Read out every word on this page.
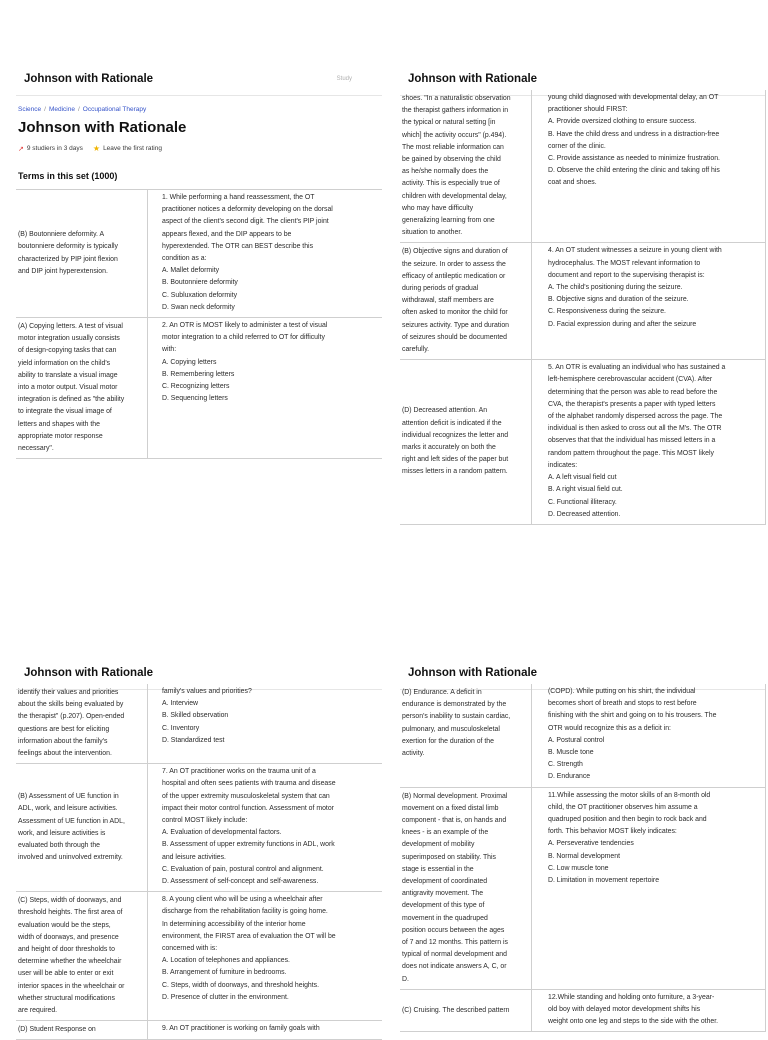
Johnson with Rationale	Study
Science / Medicine / Occupational Therapy
Johnson with Rationale
↗ 9 studiers in 3 days ★ Leave the first rating
Terms in this set (1000)
(B) Boutonniere deformity. A
boutonniere deformity is typically
characterized by PIP joint flexion
and DIP joint hyperextension.
1. While performing a hand reassessment, the OT
practitioner notices a deformity developing on the dorsal
aspect of the client's second digit. The client's PIP joint
appears flexed, and the DIP appears to be
hyperextended. The OTR can BEST describe this
condition as a:
A. Mallet deformity
B. Boutonniere deformity
C. Subluxation deformity
D. Swan neck deformity
(A) Copying letters. A test of visual
motor integration usually consists
of design-copying tasks that can
yield information on the child's
ability to translate a visual image
into a motor output. Visual motor
integration is defined as "the ability
to integrate the visual image of
letters and shapes with the
appropriate motor response
necessary".
2. An OTR is MOST likely to administer a test of visual
motor integration to a child referred to OT for difficulty
with:
A. Copying letters
B. Remembering letters
C. Recognizing letters
D. Sequencing letters
Johnson with Rationale
shoes. "In a naturalistic observation
the therapist gathers information in
the typical or natural setting [in
which] the activity occurs" (p.494).
The most reliable information can
be gained by observing the child
as he/she normally does the
activity. This is especially true of
children with developmental delay,
who may have difficulty
generalizing learning from one
situation to another.
young child diagnosed with developmental delay, an OT
practitioner should FIRST:
A. Provide oversized clothing to ensure success.
B. Have the child dress and undress in a distraction-free
corner of the clinic.
C. Provide assistance as needed to minimize frustration.
D. Observe the child entering the clinic and taking off his
coat and shoes.
(B) Objective signs and duration of
the seizure. In order to assess the
efficacy of antileptic medication or
during periods of gradual
withdrawal, staff members are
often asked to monitor the child for
seizures activity. Type and duration
of seizures should be documented
carefully.
4. An OT student witnesses a seizure in young client with
hydrocephalus. The MOST relevant information to
document and report to the supervising therapist is:
A. The child's positioning during the seizure.
B. Objective signs and duration of the seizure.
C. Responsiveness during the seizure.
D. Facial expression during and after the seizure
(D) Decreased attention. An
attention deficit is indicated if the
individual recognizes the letter and
marks it accurately on both the
right and left sides of the paper but
misses letters in a random pattern.
5. An OTR is evaluating an individual who has sustained a
left-hemisphere cerebrovascular accident (CVA). After
determining that the person was able to read before the
CVA, the therapist's presents a paper with typed letters
of the alphabet randomly dispersed across the page. The
individual is then asked to cross out all the M's. The OTR
observes that that the individual has missed letters in a
random pattern throughout the page. This MOST likely
indicates:
A. A left visual field cut
B. A right visual field cut.
C. Functional illiteracy.
D. Decreased attention.
Johnson with Rationale
identify their values and priorities
about the skills being evaluated by
the therapist" (p.207). Open-ended
questions are best for eliciting
information about the family's
feelings about the intervention.
family's values and priorities?
A. Interview
B. Skilled observation
C. Inventory
D. Standardized test
(B) Assessment of UE function in
ADL, work, and leisure activities.
Assessment of UE function in ADL,
work, and leisure activities is
evaluated both through the
involved and uninvolved extremity.
7. An OT practitioner works on the trauma unit of a
hospital and often sees patients with trauma and disease
of the upper extremity musculoskeletal system that can
impact their motor control function. Assessment of motor
control MOST likely include:
A. Evaluation of developmental factors.
B. Assessment of upper extremity functions in ADL, work
and leisure activities.
C. Evaluation of pain, postural control and alignment.
D. Assessment of self-concept and self-awareness.
(C) Steps, width of doorways, and
threshold heights. The first area of
evaluation would be the steps,
width of doorways, and presence
and height of door thresholds to
determine whether the wheelchair
user will be able to enter or exit
interior spaces in the wheelchair or
whether structural modifications
are required.
8. A young client who will be using a wheelchair after
discharge from the rehabilitation facility is going home.
In determining accessibility of the interior home
environment, the FIRST area of evaluation the OT will be
concerned with is:
A. Location of telephones and appliances.
B. Arrangement of furniture in bedrooms.
C. Steps, width of doorways, and threshold heights.
D. Presence of clutter in the environment.
(D) Student Response on	9. An OT practitioner is working on family goals with
Johnson with Rationale
(D) Endurance. A deficit in
endurance is demonstrated by the
person's inability to sustain cardiac,
pulmonary, and musculoskeletal
exertion for the duration of the
activity.
(COPD). While putting on his shirt, the individual
becomes short of breath and stops to rest before
finishing with the shirt and going on to his trousers. The
OTR would recognize this as a deficit in:
A. Postural control
B. Muscle tone
C. Strength
D. Endurance
(B) Normal development. Proximal
movement on a fixed distal limb
component - that is, on hands and
knees - is an example of the
development of mobility
superimposed on stability. This
stage is essential in the
development of coordinated
antigravity movement. The
development of this type of
movement in the quadruped
position occurs between the ages
of 7 and 12 months. This pattern is
typical of normal development and
does not indicate answers A, C, or
D.
11.While assessing the motor skills of an 8-month old
child, the OT practitioner observes him assume a
quadruped position and then begin to rock back and
forth. This behavior MOST likely indicates:
A. Perseverative tendencies
B. Normal development
C. Low muscle tone
D. Limitation in movement repertoire
(C) Cruising. The described pattern
12.While standing and holding onto furniture, a 3-year-
old boy with delayed motor development shifts his
weight onto one leg and steps to the side with the other.
